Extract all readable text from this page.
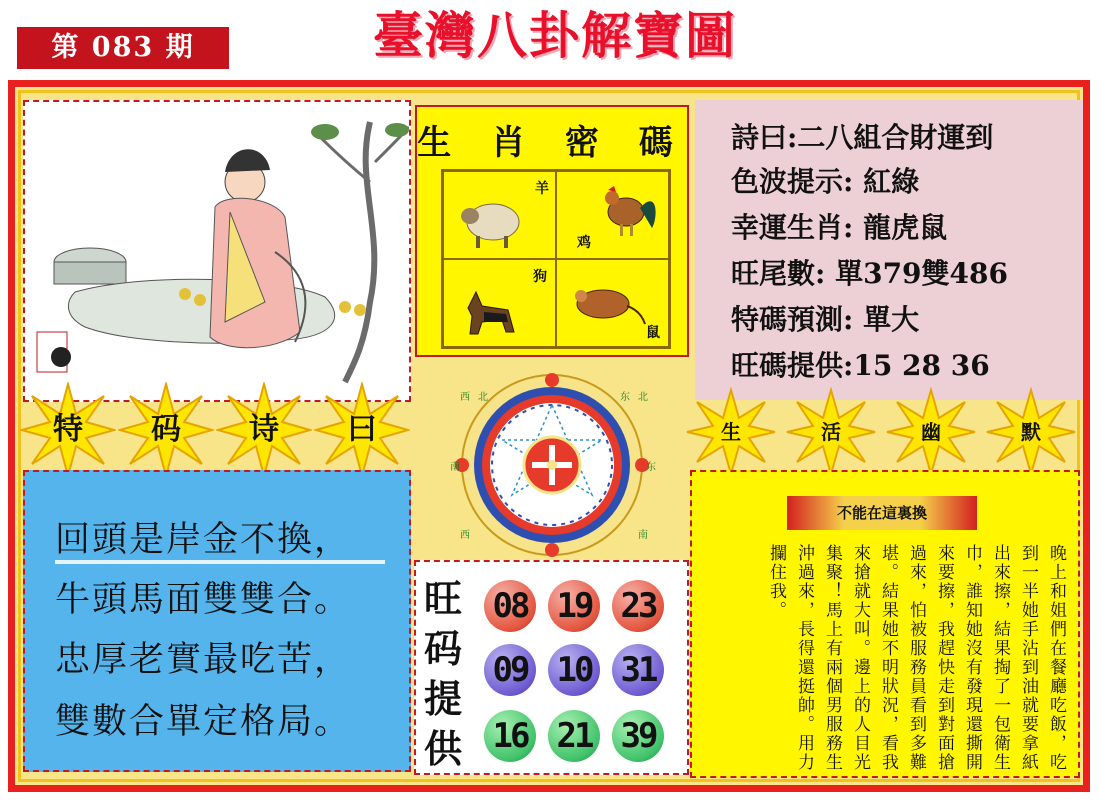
第 083 期	臺灣八卦解寶圖
生 肖 密 碼
羊
鸡
狗
鼠
詩曰:二八組合財運到
色波提示: 紅綠
幸運生肖: 龍虎鼠
旺尾數: 單379雙486
特碼預測: 單大
旺碼提供:15 28 36
特	码	诗	曰	生	活	幽	默
西 北	东 北
南	东
西	南
回頭是岸金不換，
牛頭馬面雙雙合。
忠厚老實最吃苦，
雙數合單定格局。
旺码提供
08 19 23
09 10 31
16 21 39
不能在這裏換
晚上和姐們在餐廳吃飯，吃到一半她手沾到油就要拿紙出來擦，結果掏了一包衛生巾，誰知她沒有發現還撕開來要擦，我趕快走到對面搶過來，怕被服務員看到多難堪。結果她不明狀況，看我來搶就大叫。邊上的人目光集聚！馬上有兩個男服務生沖過來，長得還挺帥。用力攔住我。
